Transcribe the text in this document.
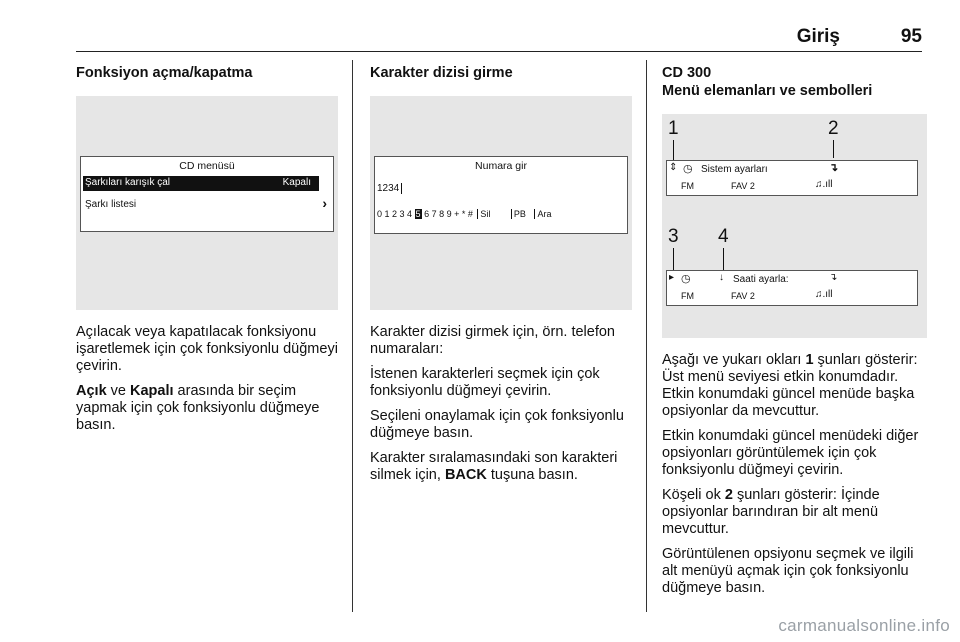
Giriş	95
Fonksiyon açma/kapatma
CD menüsü
Şarkıları karışık çal	Kapalı
Şarkı listesi	›

Açılacak veya kapatılacak fonksiyonu işaretlemek için çok fonksiyonlu düğmeyi çevirin.

Açık ve Kapalı arasında bir seçim yapmak için çok fonksiyonlu düğmeye basın.

Karakter dizisi girme
Numara gir
1234
0 1 2 3 4 5 6 7 8 9 + * # Sil	PB Ara

Karakter dizisi girmek için, örn. telefon numaraları:

İstenen karakterleri seçmek için çok fonksiyonlu düğmeyi çevirin.

Seçileni onaylamak için çok fonksiyonlu düğmeye basın.

Karakter sıralamasındaki son karakteri silmek için, BACK tuşuna basın.

CD 300
Menü elemanları ve sembolleri
1	2
⇕ ◷ Sistem ayarları	↴
FM	FAV 2	♫.ıll
3 4
▸ ◷	↓ Saati ayarla:	↴
FM	FAV 2	♫.ıll

Aşağı ve yukarı okları 1 şunları gösterir: Üst menü seviyesi etkin konumdadır. Etkin konumdaki güncel menüde başka opsiyonlar da mevcuttur.

Etkin konumdaki güncel menüdeki diğer opsiyonları görüntülemek için çok fonksiyonlu düğmeyi çevirin.

Köşeli ok 2 şunları gösterir: İçinde opsiyonlar barındıran bir alt menü mevcuttur.

Görüntülenen opsiyonu seçmek ve ilgili alt menüyü açmak için çok fonksiyonlu düğmeye basın.

carmanualsonline.info
